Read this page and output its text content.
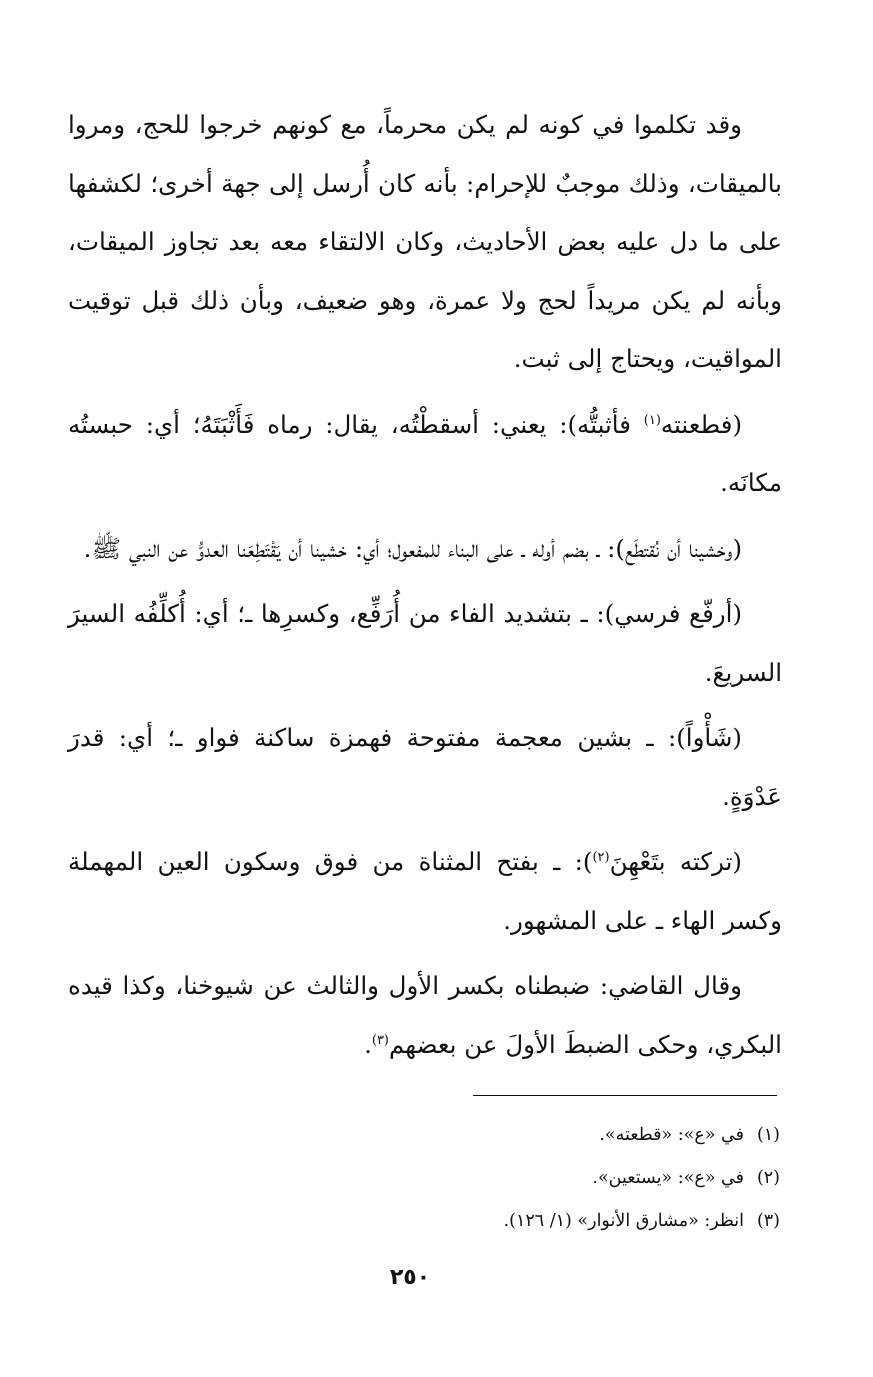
وقد تكلموا في كونه لم يكن محرماً، مع كونهم خرجوا للحج، ومروا بالميقات، وذلك موجبٌ للإحرام: بأنه كان أُرسل إلى جهة أخرى؛ لكشفها على ما دل عليه بعض الأحاديث، وكان الالتقاء معه بعد تجاوز الميقات، وبأنه لم يكن مريداً لحج ولا عمرة، وهو ضعيف، وبأن ذلك قبل توقيت المواقيت، ويحتاج إلى ثبت.

(فطعنته$^{(١)}$ فأثبتُّه): يعني: أسقطْتُه، يقال: رماه فَأَثْبَتَهُ؛ أي: حبستُه مكانَه.

(وخشينا أن نُقتطَع): ـ بضم أوله ـ على البناء للمفعول؛ أي: خشينا أن يَقْتَطِعَنا العدوُّ عن النبي ﷺ.

(أرفّع فرسي): ـ بتشديد الفاء من أُرَفِّع، وكسرِها ـ؛ أي: أُكلِّفُه السيرَ السريعَ.

(شَأْواً): ـ بشين معجمة مفتوحة فهمزة ساكنة فواو ـ؛ أي: قدرَ عَدْوَةٍ.

(تركته بتَعْهِنَ$^{(٢)}$): ـ بفتح المثناة من فوق وسكون العين المهملة وكسر الهاء ـ على المشهور.

وقال القاضي: ضبطناه بكسر الأول والثالث عن شيوخنا، وكذا قيده البكري، وحكى الضبطَ الأولَ عن بعضهم$^{(٣)}$.

(١)في «ع»: «قطعته».
(٢)في «ع»: «يستعين».
(٣)انظر: «مشارق الأنوار» (١/ ١٢٦).
٢٥٠
